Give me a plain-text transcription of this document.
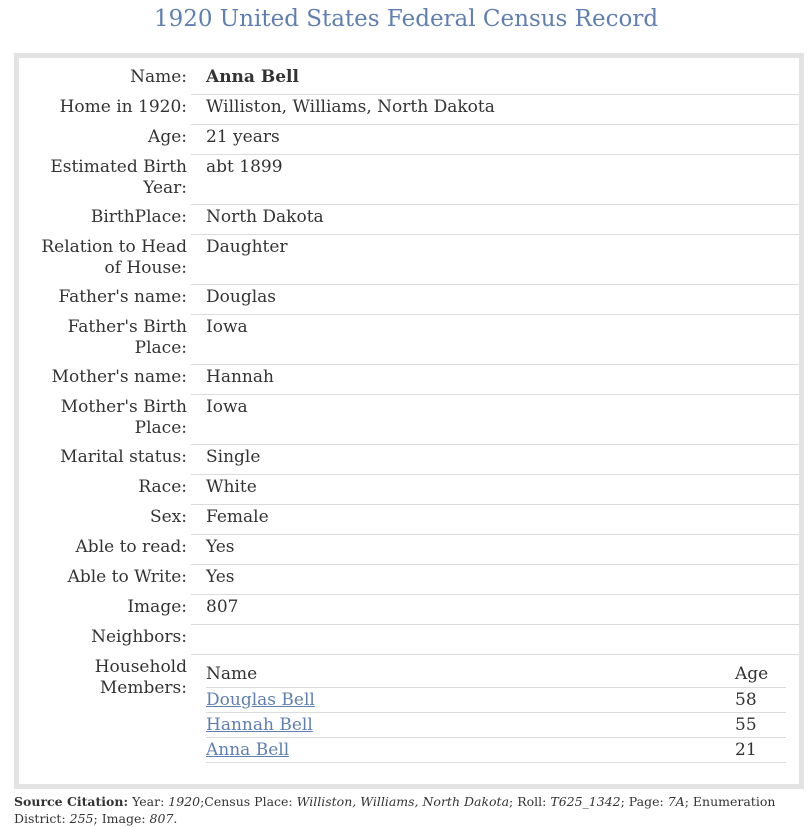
1920 United States Federal Census Record
Name: Anna Bell
Home in 1920: Williston, Williams, North Dakota
Age: 21 years
Estimated Birth
Year:
abt 1899
BirthPlace: North Dakota
Relation to Head
of House:
Daughter
Father's name: Douglas
Father's Birth
Place:
Iowa
Mother's name: Hannah
Mother's Birth
Place:
Iowa
Marital status: Single
Race: White
Sex: Female
Able to read: Yes
Able to Write: Yes
Image: 807
Neighbors:
Household
Members:
Name	Age
Douglas Bell	58
Hannah Bell	55
Anna Bell	21
Source Citation: Year: 1920;Census Place: Williston, Williams, North Dakota; Roll: T625_1342; Page: 7A; Enumeration District: 255; Image: 807.
